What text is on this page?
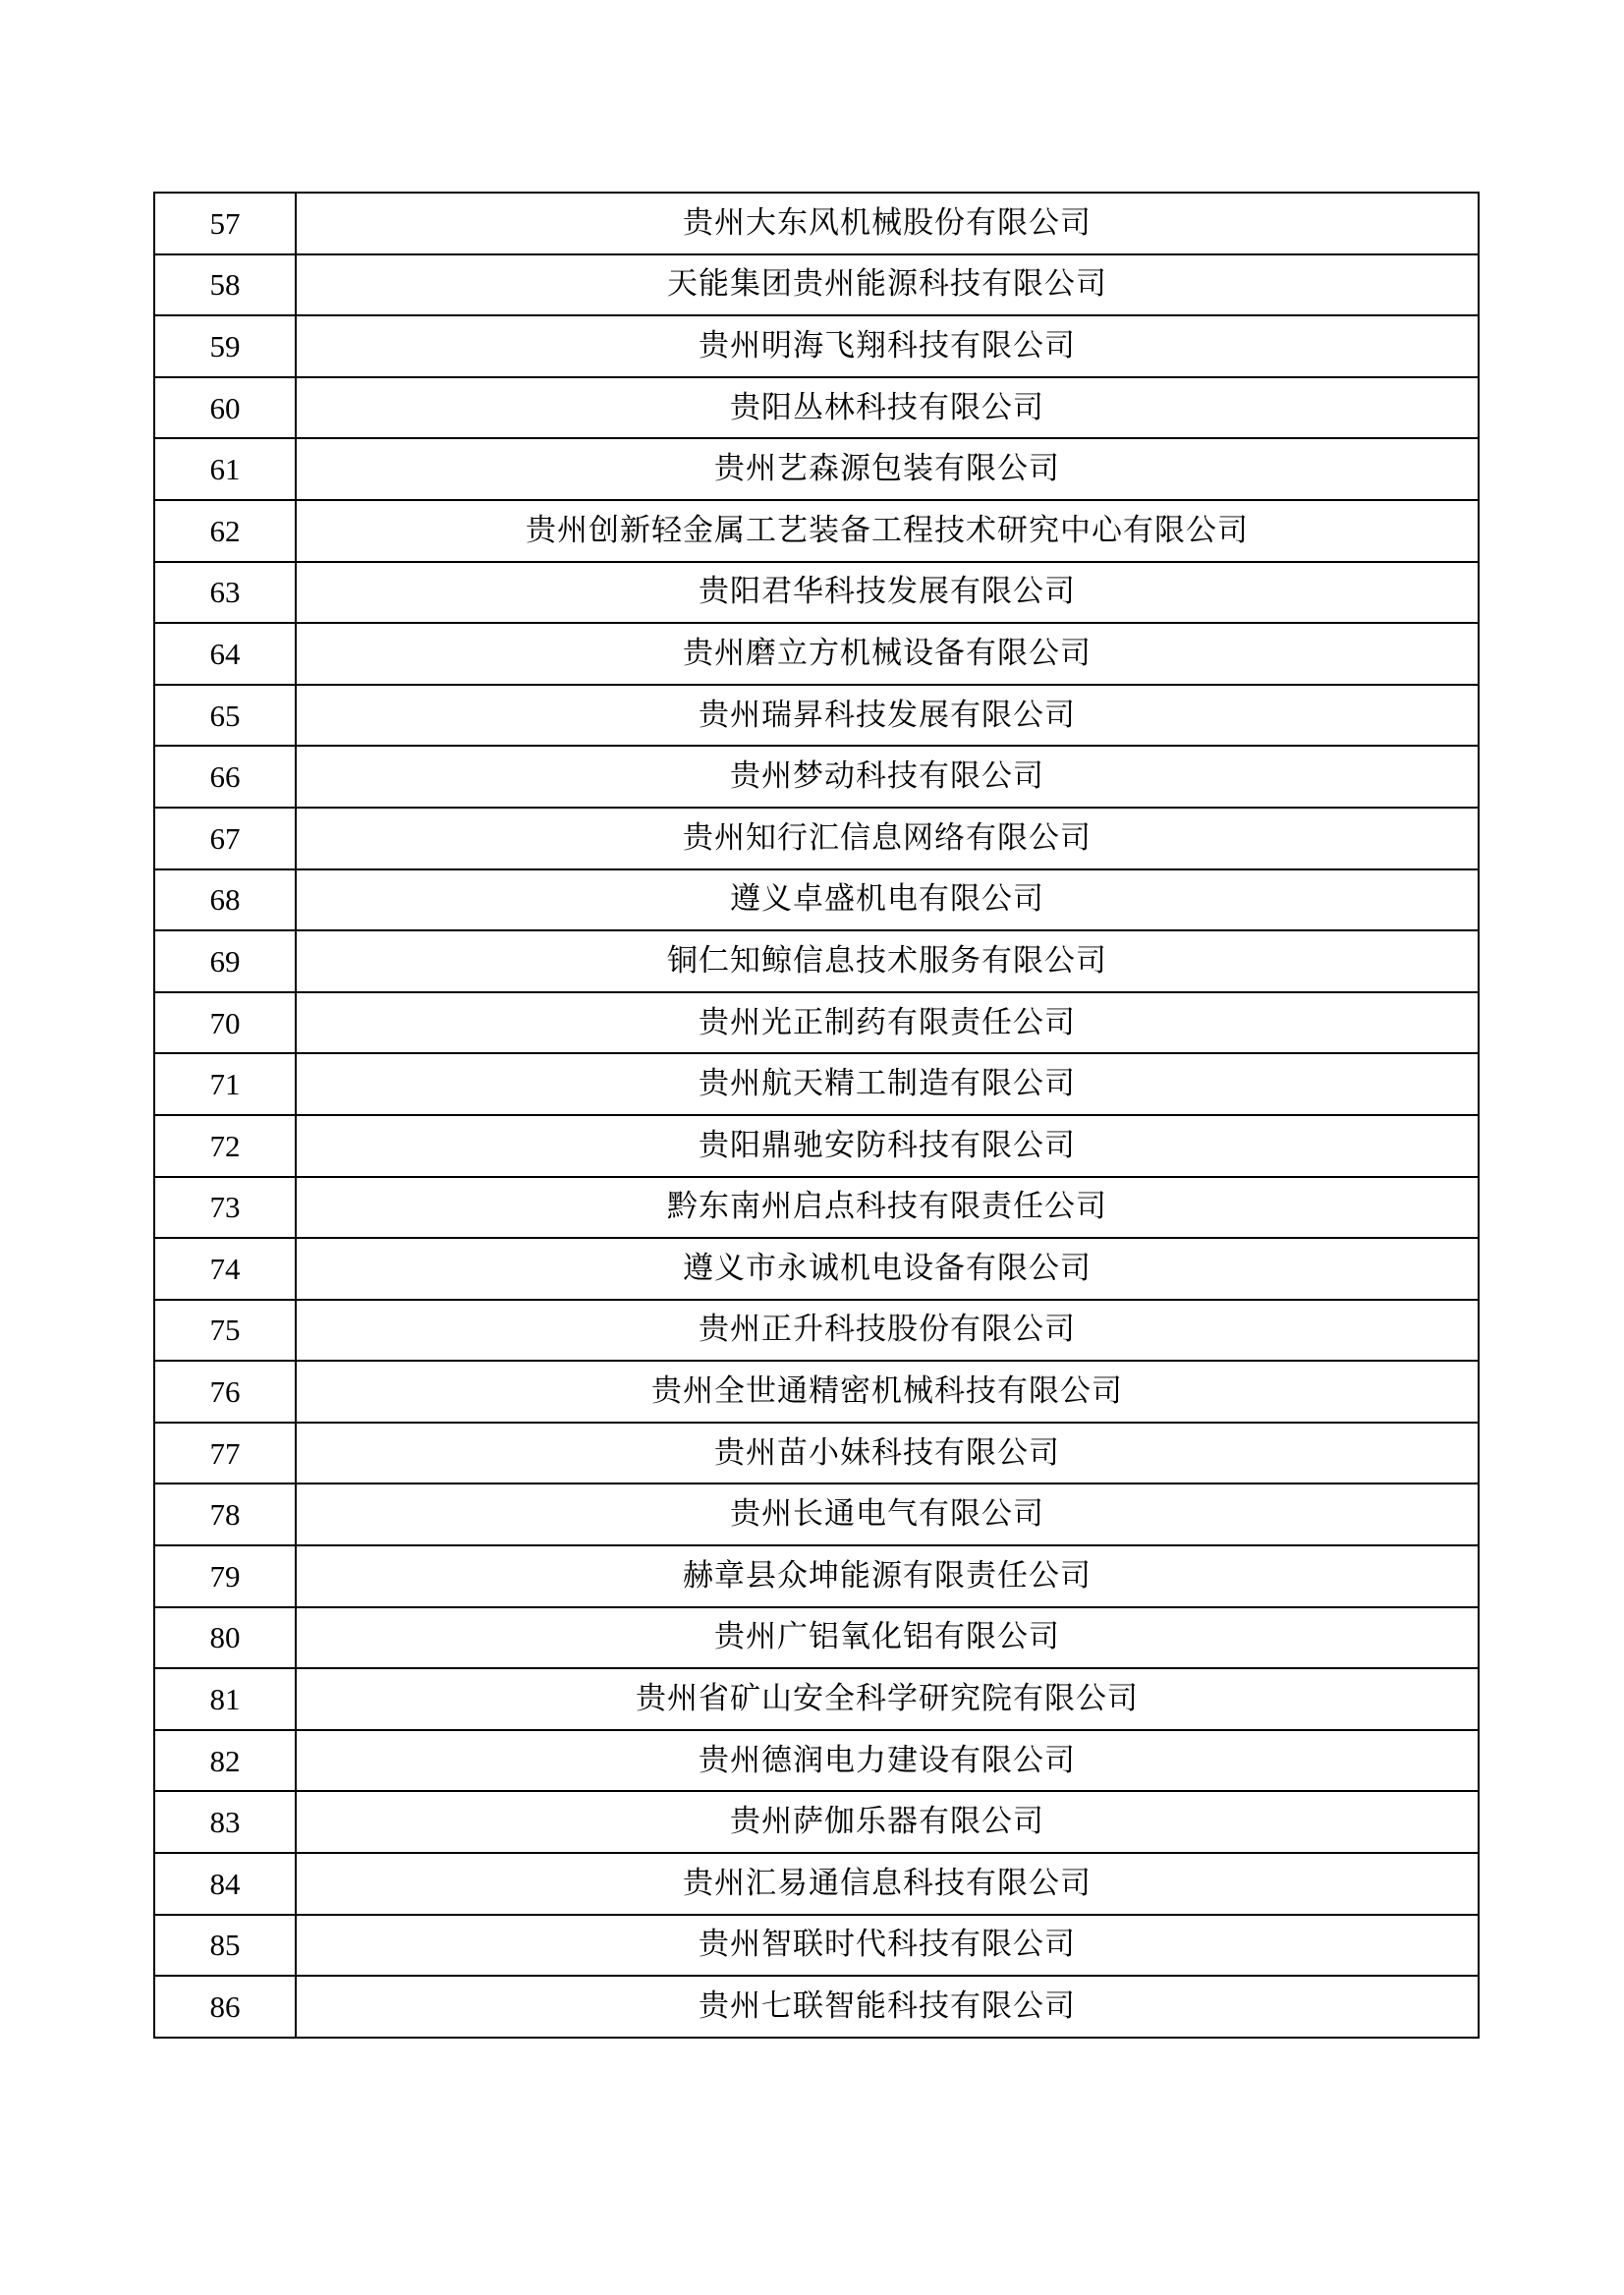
57	贵州大东风机械股份有限公司
58	天能集团贵州能源科技有限公司
59	贵州明海飞翔科技有限公司
60	贵阳丛林科技有限公司
61	贵州艺森源包装有限公司
62	贵州创新轻金属工艺装备工程技术研究中心有限公司
63	贵阳君华科技发展有限公司
64	贵州磨立方机械设备有限公司
65	贵州瑞昇科技发展有限公司
66	贵州梦动科技有限公司
67	贵州知行汇信息网络有限公司
68	遵义卓盛机电有限公司
69	铜仁知鲸信息技术服务有限公司
70	贵州光正制药有限责任公司
71	贵州航天精工制造有限公司
72	贵阳鼎驰安防科技有限公司
73	黔东南州启点科技有限责任公司
74	遵义市永诚机电设备有限公司
75	贵州正升科技股份有限公司
76	贵州全世通精密机械科技有限公司
77	贵州苗小妹科技有限公司
78	贵州长通电气有限公司
79	赫章县众坤能源有限责任公司
80	贵州广铝氧化铝有限公司
81	贵州省矿山安全科学研究院有限公司
82	贵州德润电力建设有限公司
83	贵州萨伽乐器有限公司
84	贵州汇易通信息科技有限公司
85	贵州智联时代科技有限公司
86	贵州七联智能科技有限公司
